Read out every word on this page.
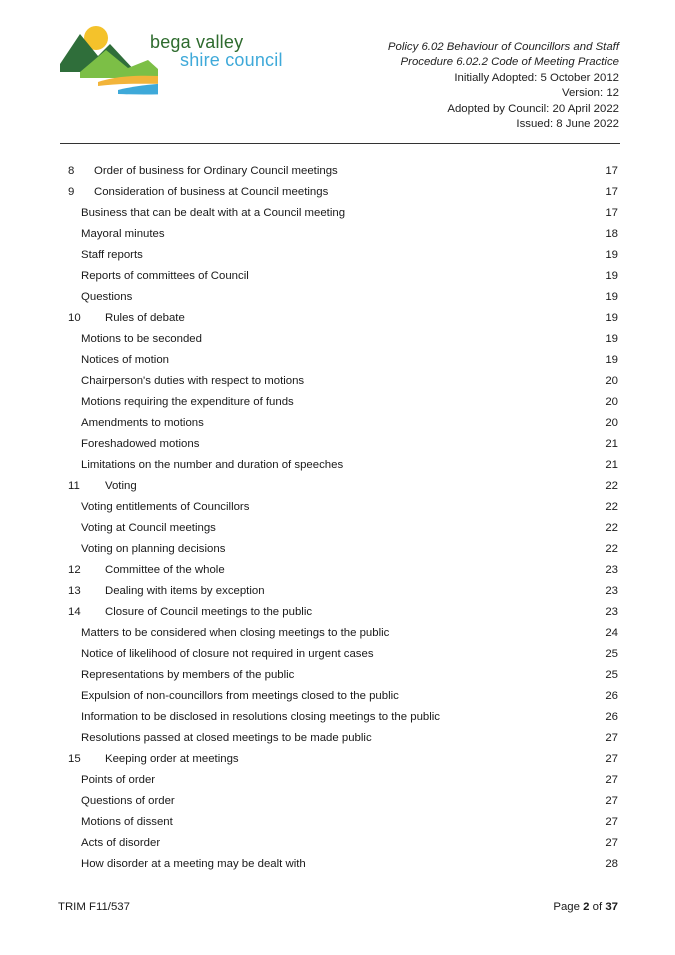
bega valley
shire council
Policy 6.02 Behaviour of Councillors and Staff
Procedure 6.02.2 Code of Meeting Practice
Initially Adopted: 5 October 2012
Version: 12
Adopted by Council: 20 April 2022
Issued: 8 June 2022
8	Order of business for Ordinary Council meetings	17
9	Consideration of business at Council meetings	17
Business that can be dealt with at a Council meeting	17
Mayoral minutes	18
Staff reports	19
Reports of committees of Council	19
Questions	19
10	Rules of debate	19
Motions to be seconded	19
Notices of motion	19
Chairperson's duties with respect to motions	20
Motions requiring the expenditure of funds	20
Amendments to motions	20
Foreshadowed motions	21
Limitations on the number and duration of speeches	21
11	Voting	22
Voting entitlements of Councillors	22
Voting at Council meetings	22
Voting on planning decisions	22
12	Committee of the whole	23
13	Dealing with items by exception	23
14	Closure of Council meetings to the public	23
Matters to be considered when closing meetings to the public	24
Notice of likelihood of closure not required in urgent cases	25
Representations by members of the public	25
Expulsion of non-councillors from meetings closed to the public	26
Information to be disclosed in resolutions closing meetings to the public	26
Resolutions passed at closed meetings to be made public	27
15	Keeping order at meetings	27
Points of order	27
Questions of order	27
Motions of dissent	27
Acts of disorder	27
How disorder at a meeting may be dealt with	28
TRIM F11/537	Page 2 of 37
